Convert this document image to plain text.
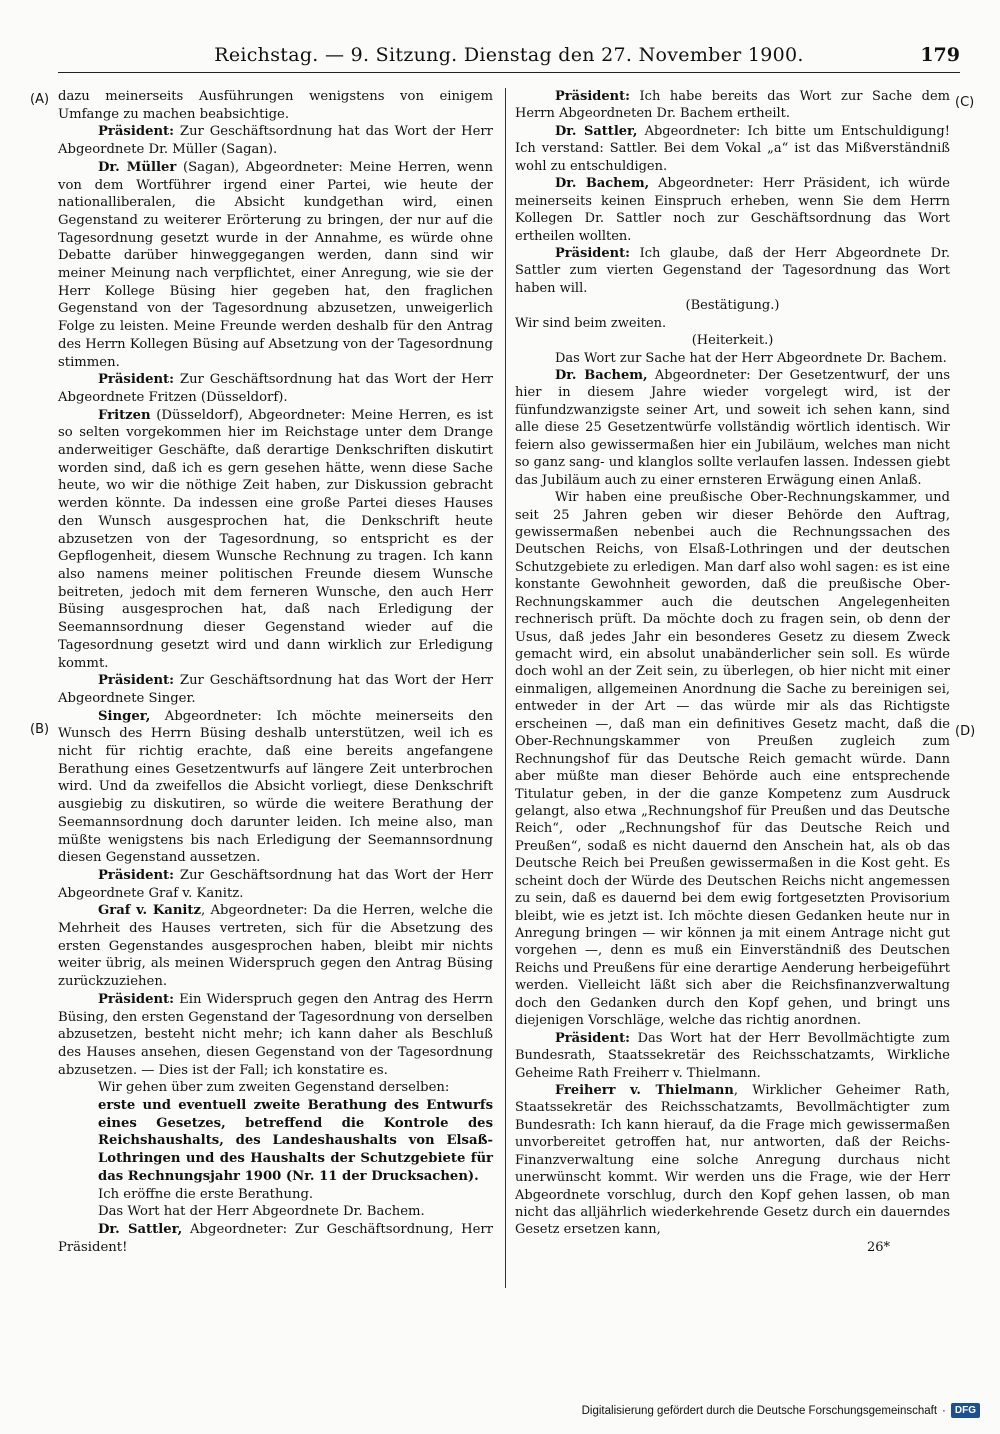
Reichstag. — 9. Sitzung. Dienstag den 27. November 1900.	179
(A)
(B)
(C)
(D)

dazu meinerseits Ausführungen wenigstens von einigem Umfange zu machen beabsichtige.

Präsident: Zur Geschäftsordnung hat das Wort der Herr Abgeordnete Dr. Müller (Sagan).

Dr. Müller (Sagan), Abgeordneter: Meine Herren, wenn von dem Wortführer irgend einer Partei, wie heute der nationalliberalen, die Absicht kundgethan wird, einen Gegenstand zu weiterer Erörterung zu bringen, der nur auf die Tagesordnung gesetzt wurde in der Annahme, es würde ohne Debatte darüber hinweggegangen werden, dann sind wir meiner Meinung nach verpflichtet, einer Anregung, wie sie der Herr Kollege Büsing hier gegeben hat, den fraglichen Gegenstand von der Tagesordnung abzusetzen, unweigerlich Folge zu leisten. Meine Freunde werden deshalb für den Antrag des Herrn Kollegen Büsing auf Absetzung von der Tagesordnung stimmen.

Präsident: Zur Geschäftsordnung hat das Wort der Herr Abgeordnete Fritzen (Düsseldorf).

Fritzen (Düsseldorf), Abgeordneter: Meine Herren, es ist so selten vorgekommen hier im Reichstage unter dem Drange anderweitiger Geschäfte, daß derartige Denkschriften diskutirt worden sind, daß ich es gern gesehen hätte, wenn diese Sache heute, wo wir die nöthige Zeit haben, zur Diskussion gebracht werden könnte. Da indessen eine große Partei dieses Hauses den Wunsch ausgesprochen hat, die Denkschrift heute abzusetzen von der Tagesordnung, so entspricht es der Gepflogenheit, diesem Wunsche Rechnung zu tragen. Ich kann also namens meiner politischen Freunde diesem Wunsche beitreten, jedoch mit dem ferneren Wunsche, den auch Herr Büsing ausgesprochen hat, daß nach Erledigung der Seemannsordnung dieser Gegenstand wieder auf die Tagesordnung gesetzt wird und dann wirklich zur Erledigung kommt.

Präsident: Zur Geschäftsordnung hat das Wort der Herr Abgeordnete Singer.

Singer, Abgeordneter: Ich möchte meinerseits den Wunsch des Herrn Büsing deshalb unterstützen, weil ich es nicht für richtig erachte, daß eine bereits angefangene Berathung eines Gesetzentwurfs auf längere Zeit unterbrochen wird. Und da zweifellos die Absicht vorliegt, diese Denkschrift ausgiebig zu diskutiren, so würde die weitere Berathung der Seemannsordnung doch darunter leiden. Ich meine also, man müßte wenigstens bis nach Erledigung der Seemannsordnung diesen Gegenstand aussetzen.

Präsident: Zur Geschäftsordnung hat das Wort der Herr Abgeordnete Graf v. Kanitz.

Graf v. Kanitz, Abgeordneter: Da die Herren, welche die Mehrheit des Hauses vertreten, sich für die Absetzung des ersten Gegenstandes ausgesprochen haben, bleibt mir nichts weiter übrig, als meinen Widerspruch gegen den Antrag Büsing zurückzuziehen.

Präsident: Ein Widerspruch gegen den Antrag des Herrn Büsing, den ersten Gegenstand der Tagesordnung von derselben abzusetzen, besteht nicht mehr; ich kann daher als Beschluß des Hauses ansehen, diesen Gegenstand von der Tagesordnung abzusetzen. — Dies ist der Fall; ich konstatire es.

Wir gehen über zum zweiten Gegenstand derselben:

erste und eventuell zweite Berathung des Entwurfs eines Gesetzes, betreffend die Kontrole des Reichshaushalts, des Landeshaushalts von Elsaß-Lothringen und des Haushalts der Schutzgebiete für das Rechnungsjahr 1900 (Nr. 11 der Drucksachen).

Ich eröffne die erste Berathung.

Das Wort hat der Herr Abgeordnete Dr. Bachem.

Dr. Sattler, Abgeordneter: Zur Geschäftsordnung, Herr Präsident!

Präsident: Ich habe bereits das Wort zur Sache dem Herrn Abgeordneten Dr. Bachem ertheilt.

Dr. Sattler, Abgeordneter: Ich bitte um Entschuldigung! Ich verstand: Sattler. Bei dem Vokal „a“ ist das Mißverständniß wohl zu entschuldigen.

Dr. Bachem, Abgeordneter: Herr Präsident, ich würde meinerseits keinen Einspruch erheben, wenn Sie dem Herrn Kollegen Dr. Sattler noch zur Geschäftsordnung das Wort ertheilen wollten.

Präsident: Ich glaube, daß der Herr Abgeordnete Dr. Sattler zum vierten Gegenstand der Tagesordnung das Wort haben will.

(Bestätigung.)

Wir sind beim zweiten.

(Heiterkeit.)

Das Wort zur Sache hat der Herr Abgeordnete Dr. Bachem.

Dr. Bachem, Abgeordneter: Der Gesetzentwurf, der uns hier in diesem Jahre wieder vorgelegt wird, ist der fünfundzwanzigste seiner Art, und soweit ich sehen kann, sind alle diese 25 Gesetzentwürfe vollständig wörtlich identisch. Wir feiern also gewissermaßen hier ein Jubiläum, welches man nicht so ganz sang- und klanglos sollte verlaufen lassen. Indessen giebt das Jubiläum auch zu einer ernsteren Erwägung einen Anlaß.

Wir haben eine preußische Ober-Rechnungskammer, und seit 25 Jahren geben wir dieser Behörde den Auftrag, gewissermaßen nebenbei auch die Rechnungssachen des Deutschen Reichs, von Elsaß-Lothringen und der deutschen Schutzgebiete zu erledigen. Man darf also wohl sagen: es ist eine konstante Gewohnheit geworden, daß die preußische Ober-Rechnungskammer auch die deutschen Angelegenheiten rechnerisch prüft. Da möchte doch zu fragen sein, ob denn der Usus, daß jedes Jahr ein besonderes Gesetz zu diesem Zweck gemacht wird, ein absolut unabänderlicher sein soll. Es würde doch wohl an der Zeit sein, zu überlegen, ob hier nicht mit einer einmaligen, allgemeinen Anordnung die Sache zu bereinigen sei, entweder in der Art — das würde mir als das Richtigste erscheinen —, daß man ein definitives Gesetz macht, daß die Ober-Rechnungskammer von Preußen zugleich zum Rechnungshof für das Deutsche Reich gemacht würde. Dann aber müßte man dieser Behörde auch eine entsprechende Titulatur geben, in der die ganze Kompetenz zum Ausdruck gelangt, also etwa „Rechnungshof für Preußen und das Deutsche Reich“, oder „Rechnungshof für das Deutsche Reich und Preußen“, sodaß es nicht dauernd den Anschein hat, als ob das Deutsche Reich bei Preußen gewissermaßen in die Kost geht. Es scheint doch der Würde des Deutschen Reichs nicht angemessen zu sein, daß es dauernd bei dem ewig fortgesetzten Provisorium bleibt, wie es jetzt ist. Ich möchte diesen Gedanken heute nur in Anregung bringen — wir können ja mit einem Antrage nicht gut vorgehen —, denn es muß ein Einverständniß des Deutschen Reichs und Preußens für eine derartige Aenderung herbeigeführt werden. Vielleicht läßt sich aber die Reichsfinanzverwaltung doch den Gedanken durch den Kopf gehen, und bringt uns diejenigen Vorschläge, welche das richtig anordnen.

Präsident: Das Wort hat der Herr Bevollmächtigte zum Bundesrath, Staatssekretär des Reichsschatzamts, Wirkliche Geheime Rath Freiherr v. Thielmann.

Freiherr v. Thielmann, Wirklicher Geheimer Rath, Staatssekretär des Reichsschatzamts, Bevollmächtigter zum Bundesrath: Ich kann hierauf, da die Frage mich gewissermaßen unvorbereitet getroffen hat, nur antworten, daß der Reichs-Finanzverwaltung eine solche Anregung durchaus nicht unerwünscht kommt. Wir werden uns die Frage, wie der Herr Abgeordnete vorschlug, durch den Kopf gehen lassen, ob man nicht das alljährlich wiederkehrende Gesetz durch ein dauerndes Gesetz ersetzen kann,

26*

Digitalisierung gefördert durch die Deutsche Forschungsgemeinschaft · DFG
